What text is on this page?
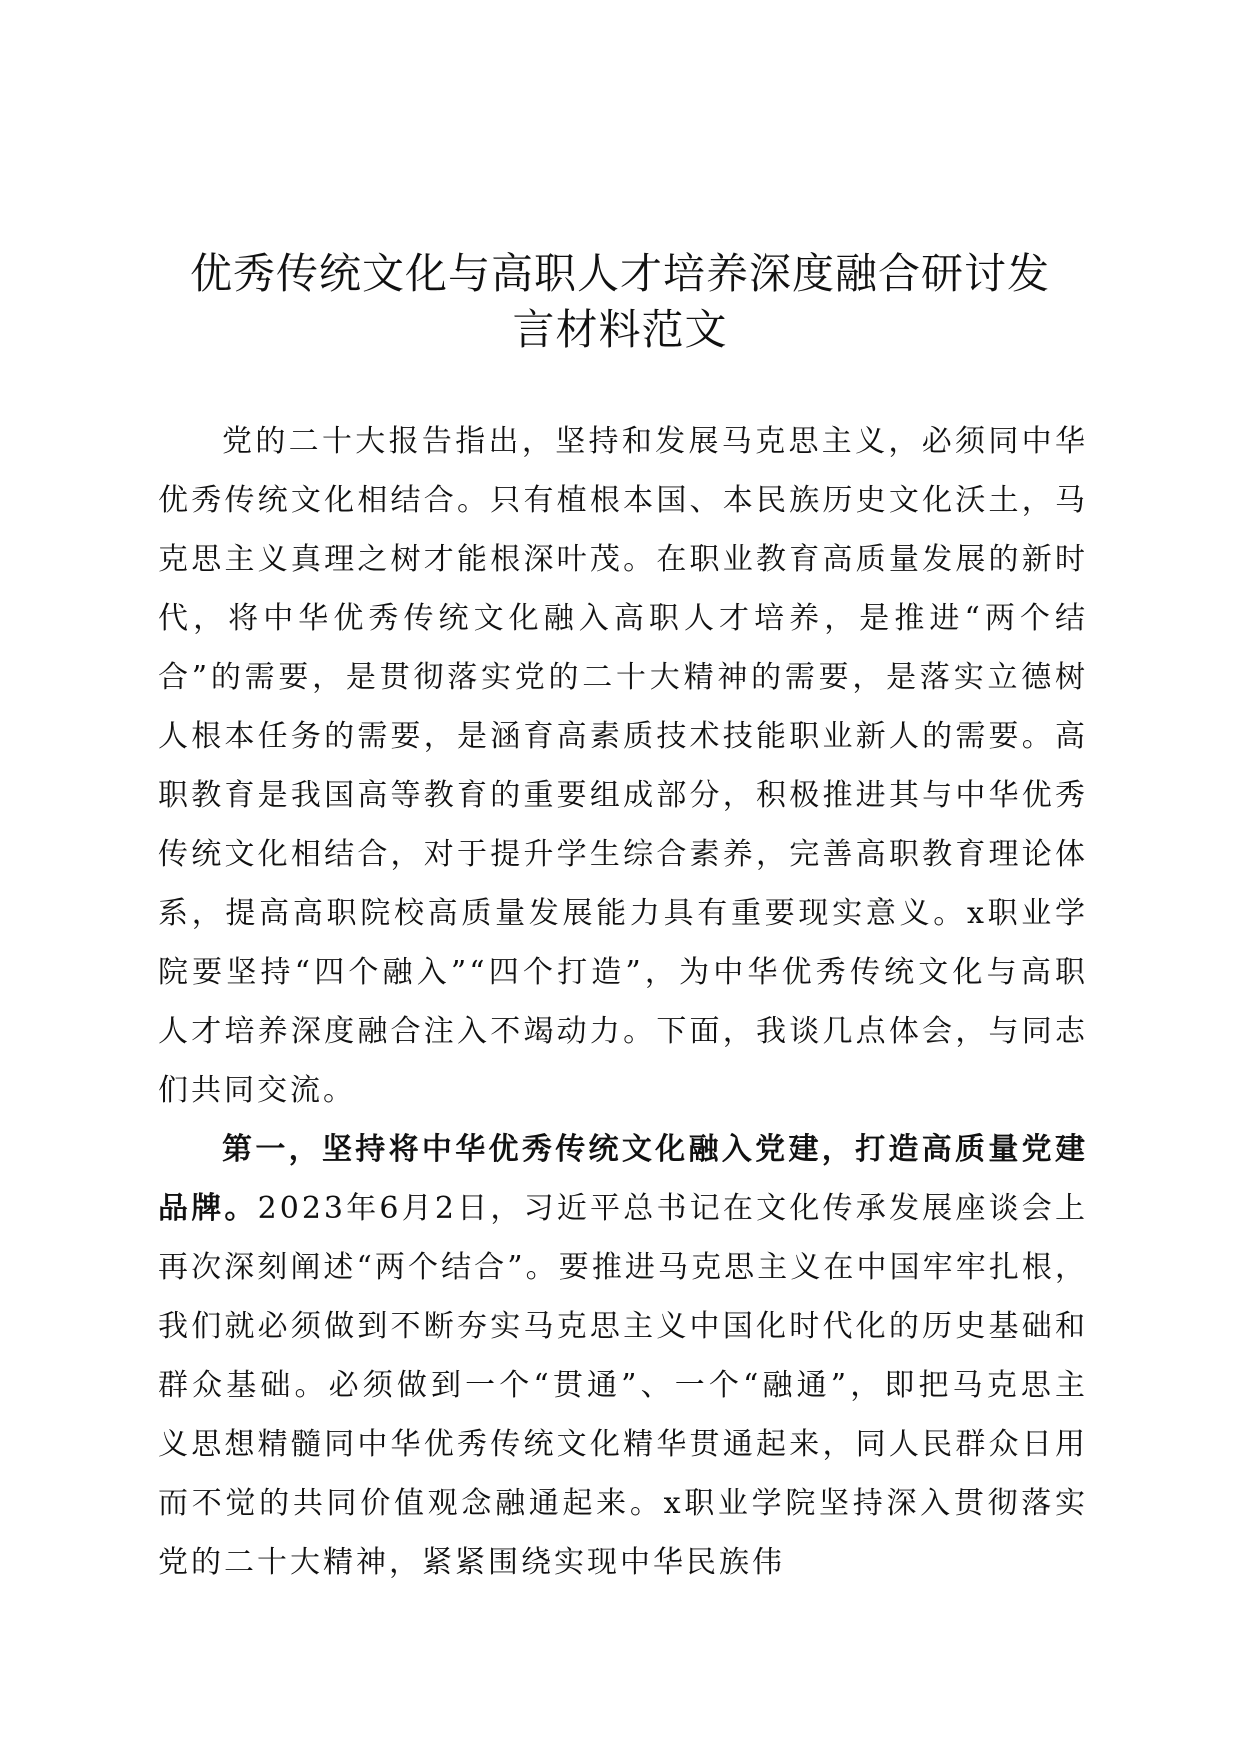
优秀传统文化与高职人才培养深度融合研讨发
言材料范文

党的二十大报告指出，坚持和发展马克思主义，必须同中华优秀传统文化相结合。只有植根本国、本民族历史文化沃土，马克思主义真理之树才能根深叶茂。在职业教育高质量发展的新时代，将中华优秀传统文化融入高职人才培养，是推进“两个结合”的需要，是贯彻落实党的二十大精神的需要，是落实立德树人根本任务的需要，是涵育高素质技术技能职业新人的需要。高职教育是我国高等教育的重要组成部分，积极推进其与中华优秀传统文化相结合，对于提升学生综合素养，完善高职教育理论体系，提高高职院校高质量发展能力具有重要现实意义。x职业学院要坚持“四个融入”“四个打造”，为中华优秀传统文化与高职人才培养深度融合注入不竭动力。下面，我谈几点体会，与同志们共同交流。

第一，坚持将中华优秀传统文化融入党建，打造高质量党建品牌。2023年6月2日，习近平总书记在文化传承发展座谈会上再次深刻阐述“两个结合”。要推进马克思主义在中国牢牢扎根，我们就必须做到不断夯实马克思主义中国化时代化的历史基础和群众基础。必须做到一个“贯通”、一个“融通”，即把马克思主义思想精髓同中华优秀传统文化精华贯通起来，同人民群众日用而不觉的共同价值观念融通起来。x职业学院坚持深入贯彻落实党的二十大精神，紧紧围绕实现中华民族伟
